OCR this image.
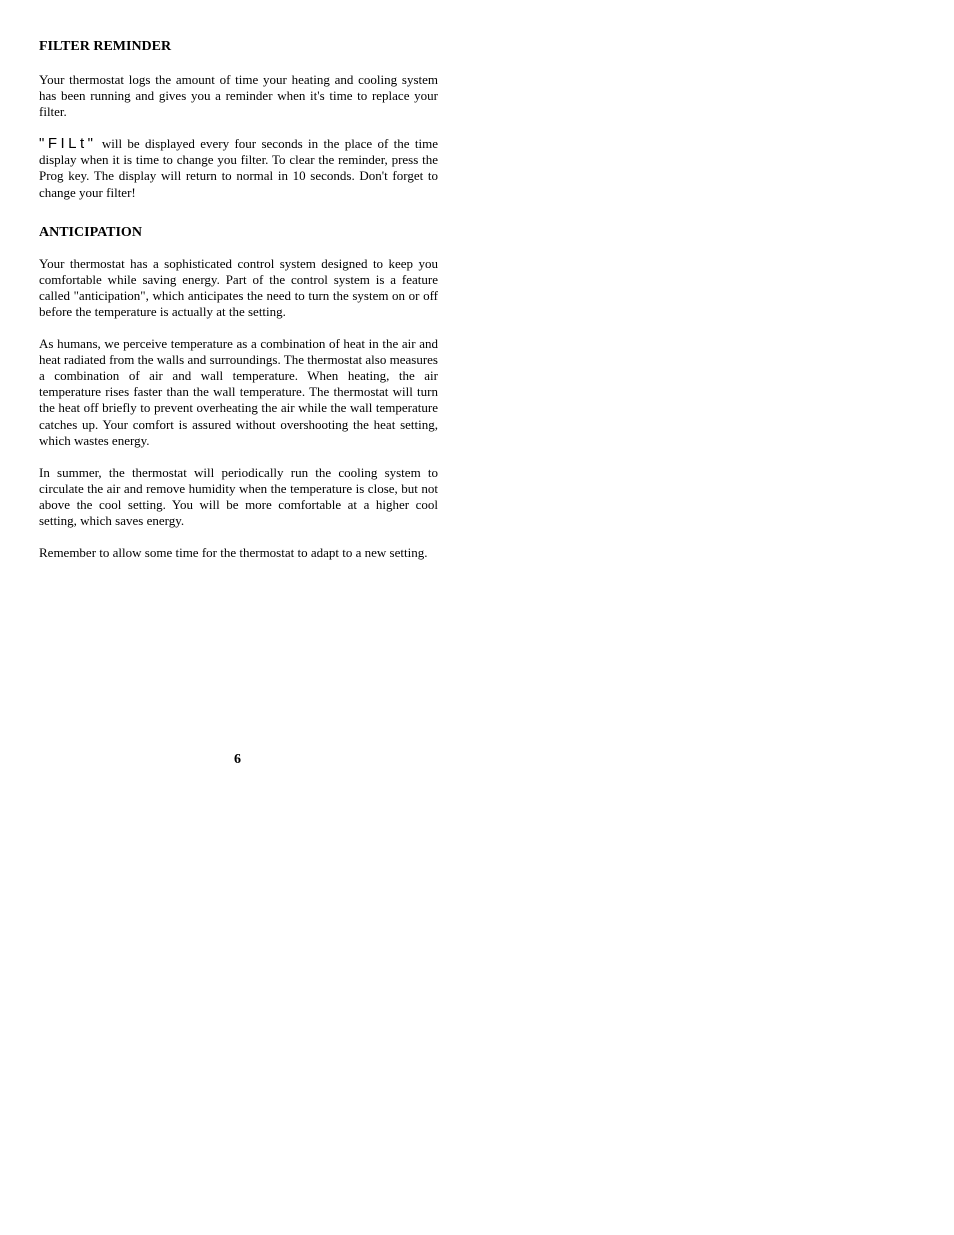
FILTER REMINDER

Your thermostat logs the amount of time your heating and cooling system has been running and gives you a reminder when it's time to replace your filter.

"FILt" will be displayed every four seconds in the place of the time display when it is time to change you filter. To clear the reminder, press the Prog key. The display will return to normal in 10 seconds. Don't forget to change your filter!

ANTICIPATION

Your thermostat has a sophisticated control system designed to keep you comfortable while saving energy. Part of the control system is a feature called "anticipation", which anticipates the need to turn the system on or off before the temperature is actually at the setting.

As humans, we perceive temperature as a combination of heat in the air and heat radiated from the walls and surroundings. The thermostat also measures a combination of air and wall temperature. When heating, the air temperature rises faster than the wall temperature. The thermostat will turn the heat off briefly to prevent overheating the air while the wall temperature catches up. Your comfort is assured without overshooting the heat setting, which wastes energy.

In summer, the thermostat will periodically run the cooling system to circulate the air and remove humidity when the temperature is close, but not above the cool setting. You will be more comfortable at a higher cool setting, which saves energy.

Remember to allow some time for the thermostat to adapt to a new setting.

6
